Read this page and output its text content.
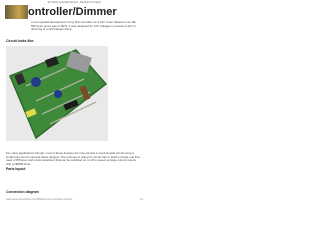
DC Motor Controller/Dimmer - Electronics Projects
ontroller/Dimmer
t is an upward development of my first controller for a 12V motor. Based on an NE 555 timer and a pair of FETs, it was designed for 12V voltages in excess of 12V or dimming of a 12V halogen lamp.
Circuit looks like:
For many applications though, most of these designs are now old and a much simpler circuit using a small timer can be used as these designs. The purpose of using the circuit was to build a simple unit that used a 555 timer and a few transistors that can be switched on or off to speed up large current motors with a NE555 timer.
Parts layout
Connection diagram
www.electroschematics.com/8000/dc-motor-controller-dimmer/	1/4
